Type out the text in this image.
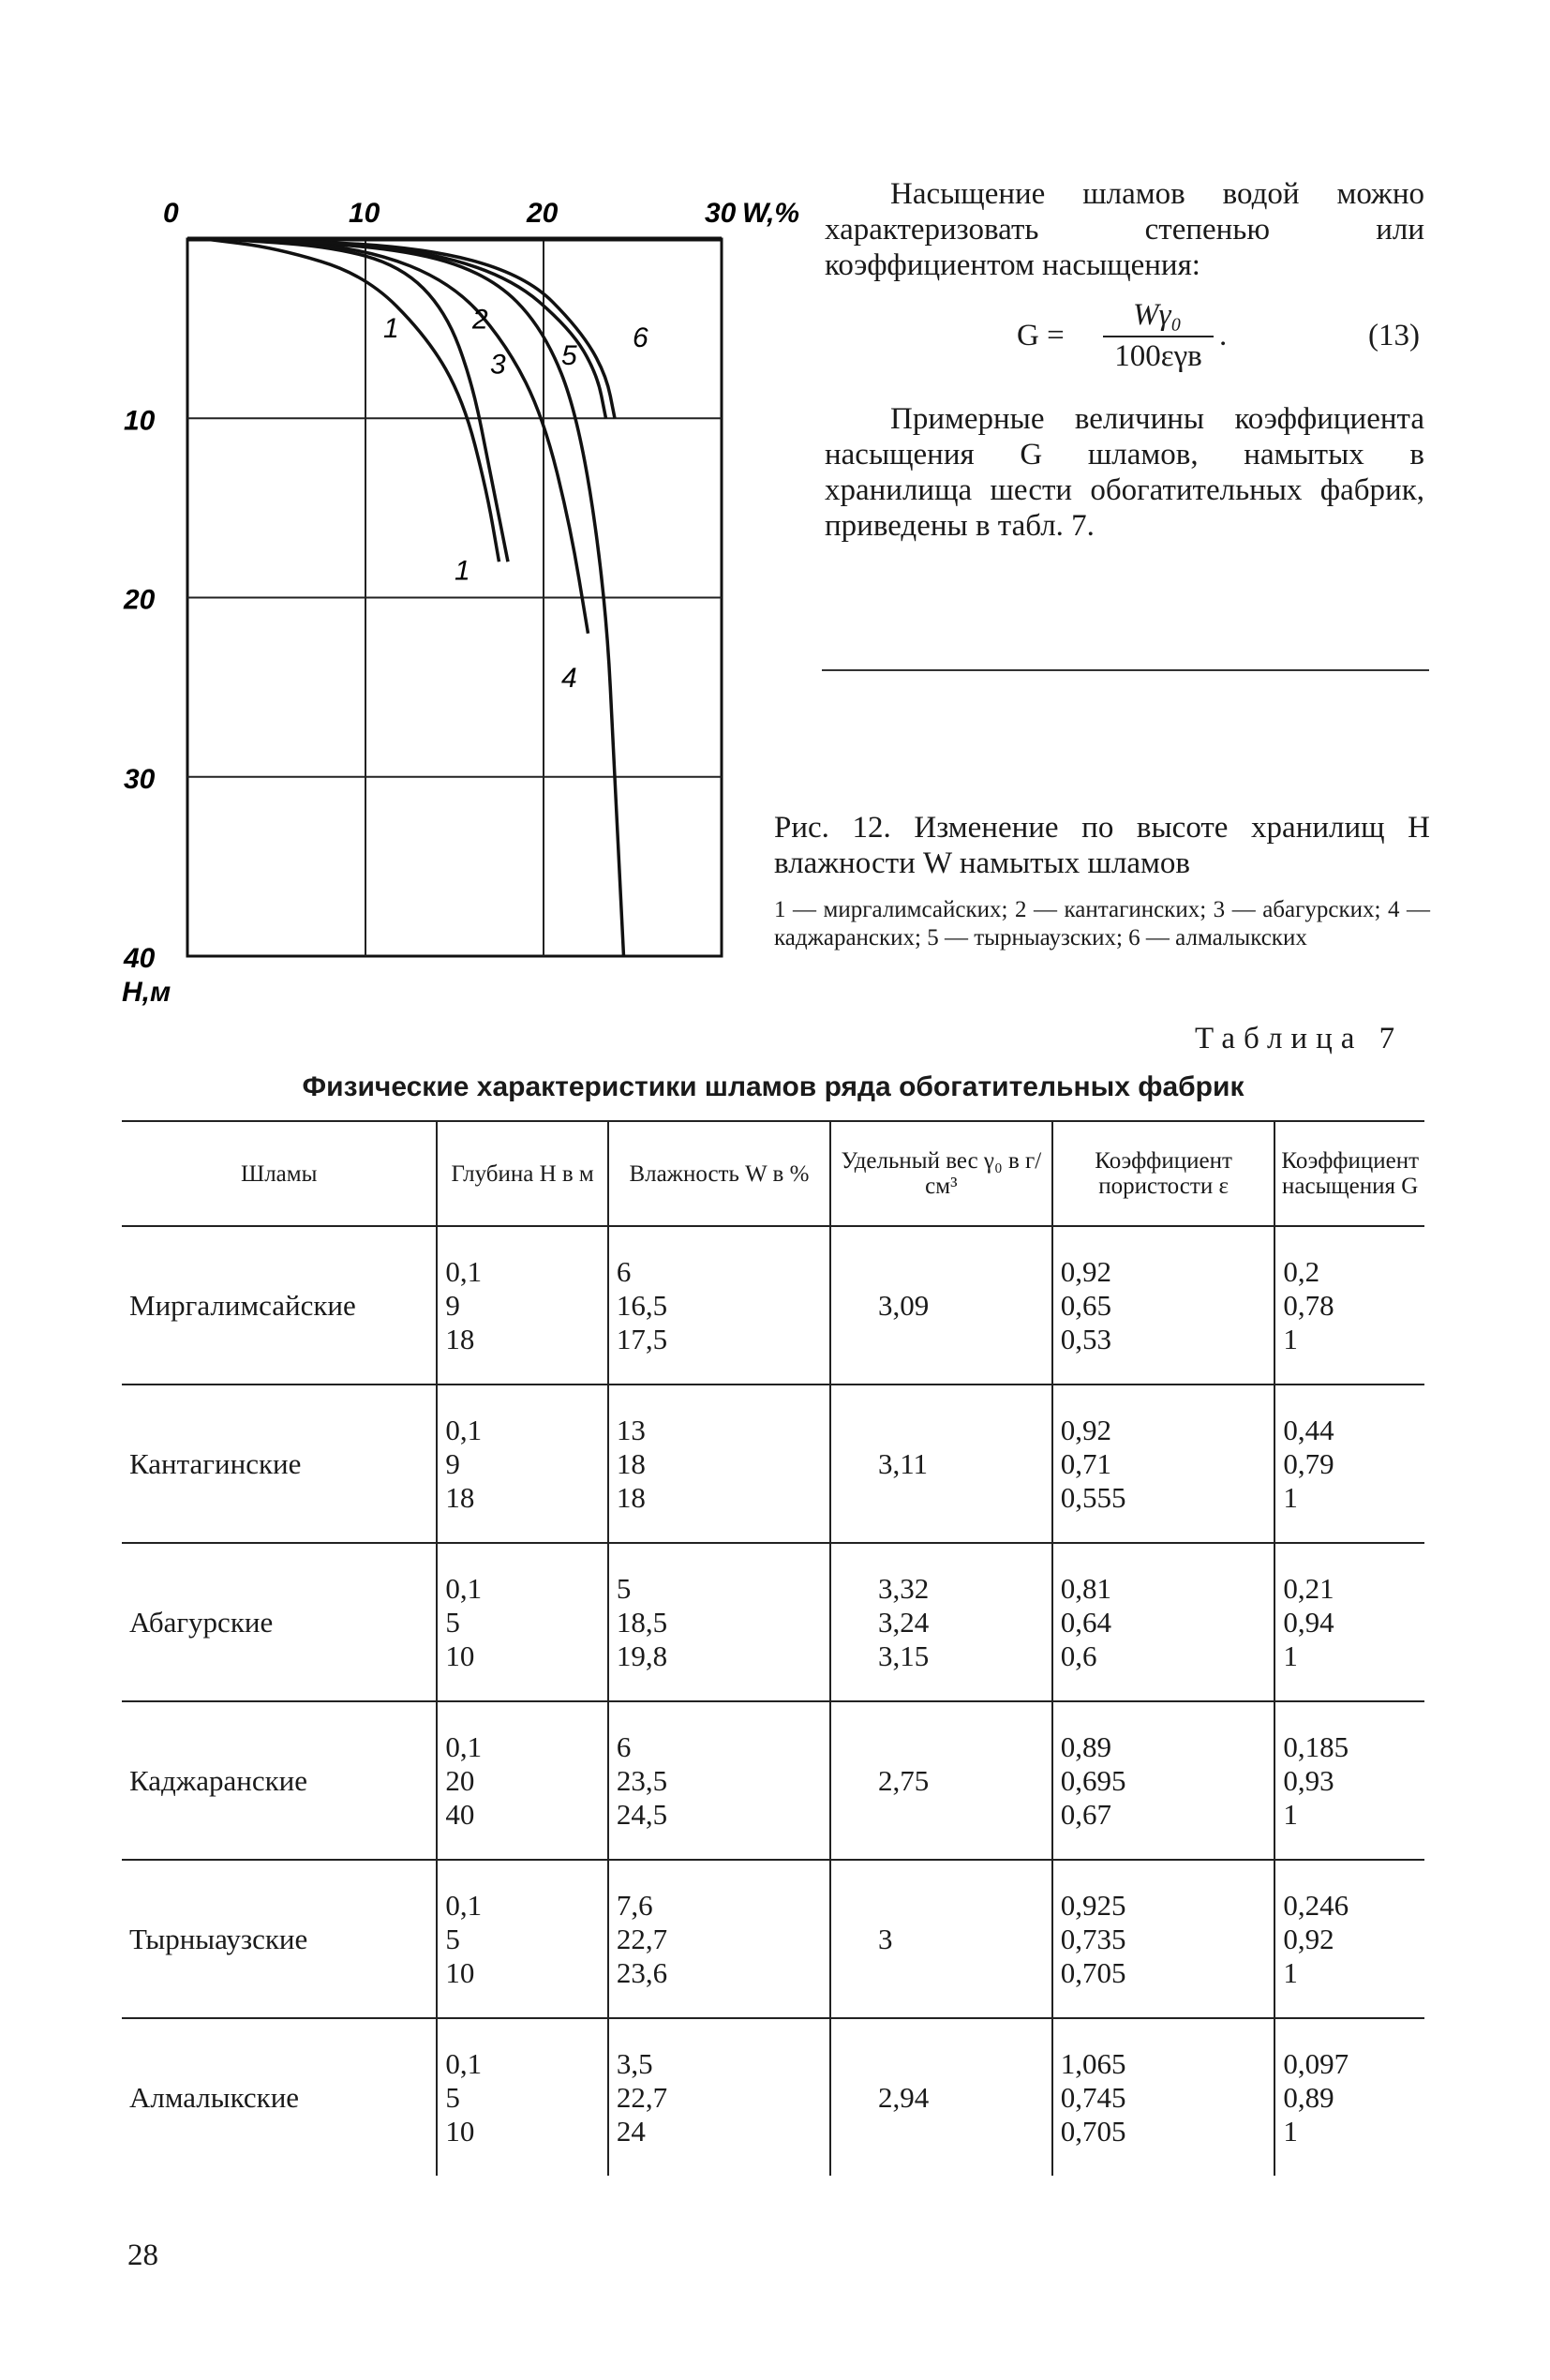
0	10	20	30 W,%
10
20
30
40
H,м
1	2
3 5
6
1
4
Насыщение шламов водой можно характеризовать степенью или коэффициентом насыщения:
G =
Wγ₀
100εγв
.	(13)
Примерные величины коэффициента насыщения G шламов, намытых в хранилища шести обогатительных фабрик, приведены в табл. 7.
Рис. 12. Изменение по высоте хранилищ H влажности W намытых шламов
1 — миргалимсайских; 2 — кантагинских; 3 — абагурских; 4 — каджаранских; 5 — тырныаузских; 6 — алмалыкских
Таблица 7
Физические характеристики шламов ряда обогатительных фабрик
Шламы	Глубина H в м	Влажность W в %	Удельный вес γ₀ в г/см³	Коэффициент пористости ε	Коэффициент насыщения G
Миргалимсайские	0,1
9
18	6
16,5
17,5	3,09	0,92
0,65
0,53	0,2
0,78
1

Кантагинские	0,1
9
18	13
18
18	3,11	0,92
0,71
0,555	0,44
0,79
1

Абагурские	0,1
5
10	5
18,5
19,8	3,32
3,24
3,15	0,81
0,64
0,6	0,21
0,94
1

Каджаранские	0,1
20
40	6
23,5
24,5	2,75	0,89
0,695
0,67	0,185
0,93
1

Тырныаузские	0,1
5
10	7,6
22,7
23,6	3	0,925
0,735
0,705	0,246
0,92
1

Алмалыкские	0,1
5
10	3,5
22,7
24	2,94	1,065
0,745
0,705	0,097
0,89
1
28
